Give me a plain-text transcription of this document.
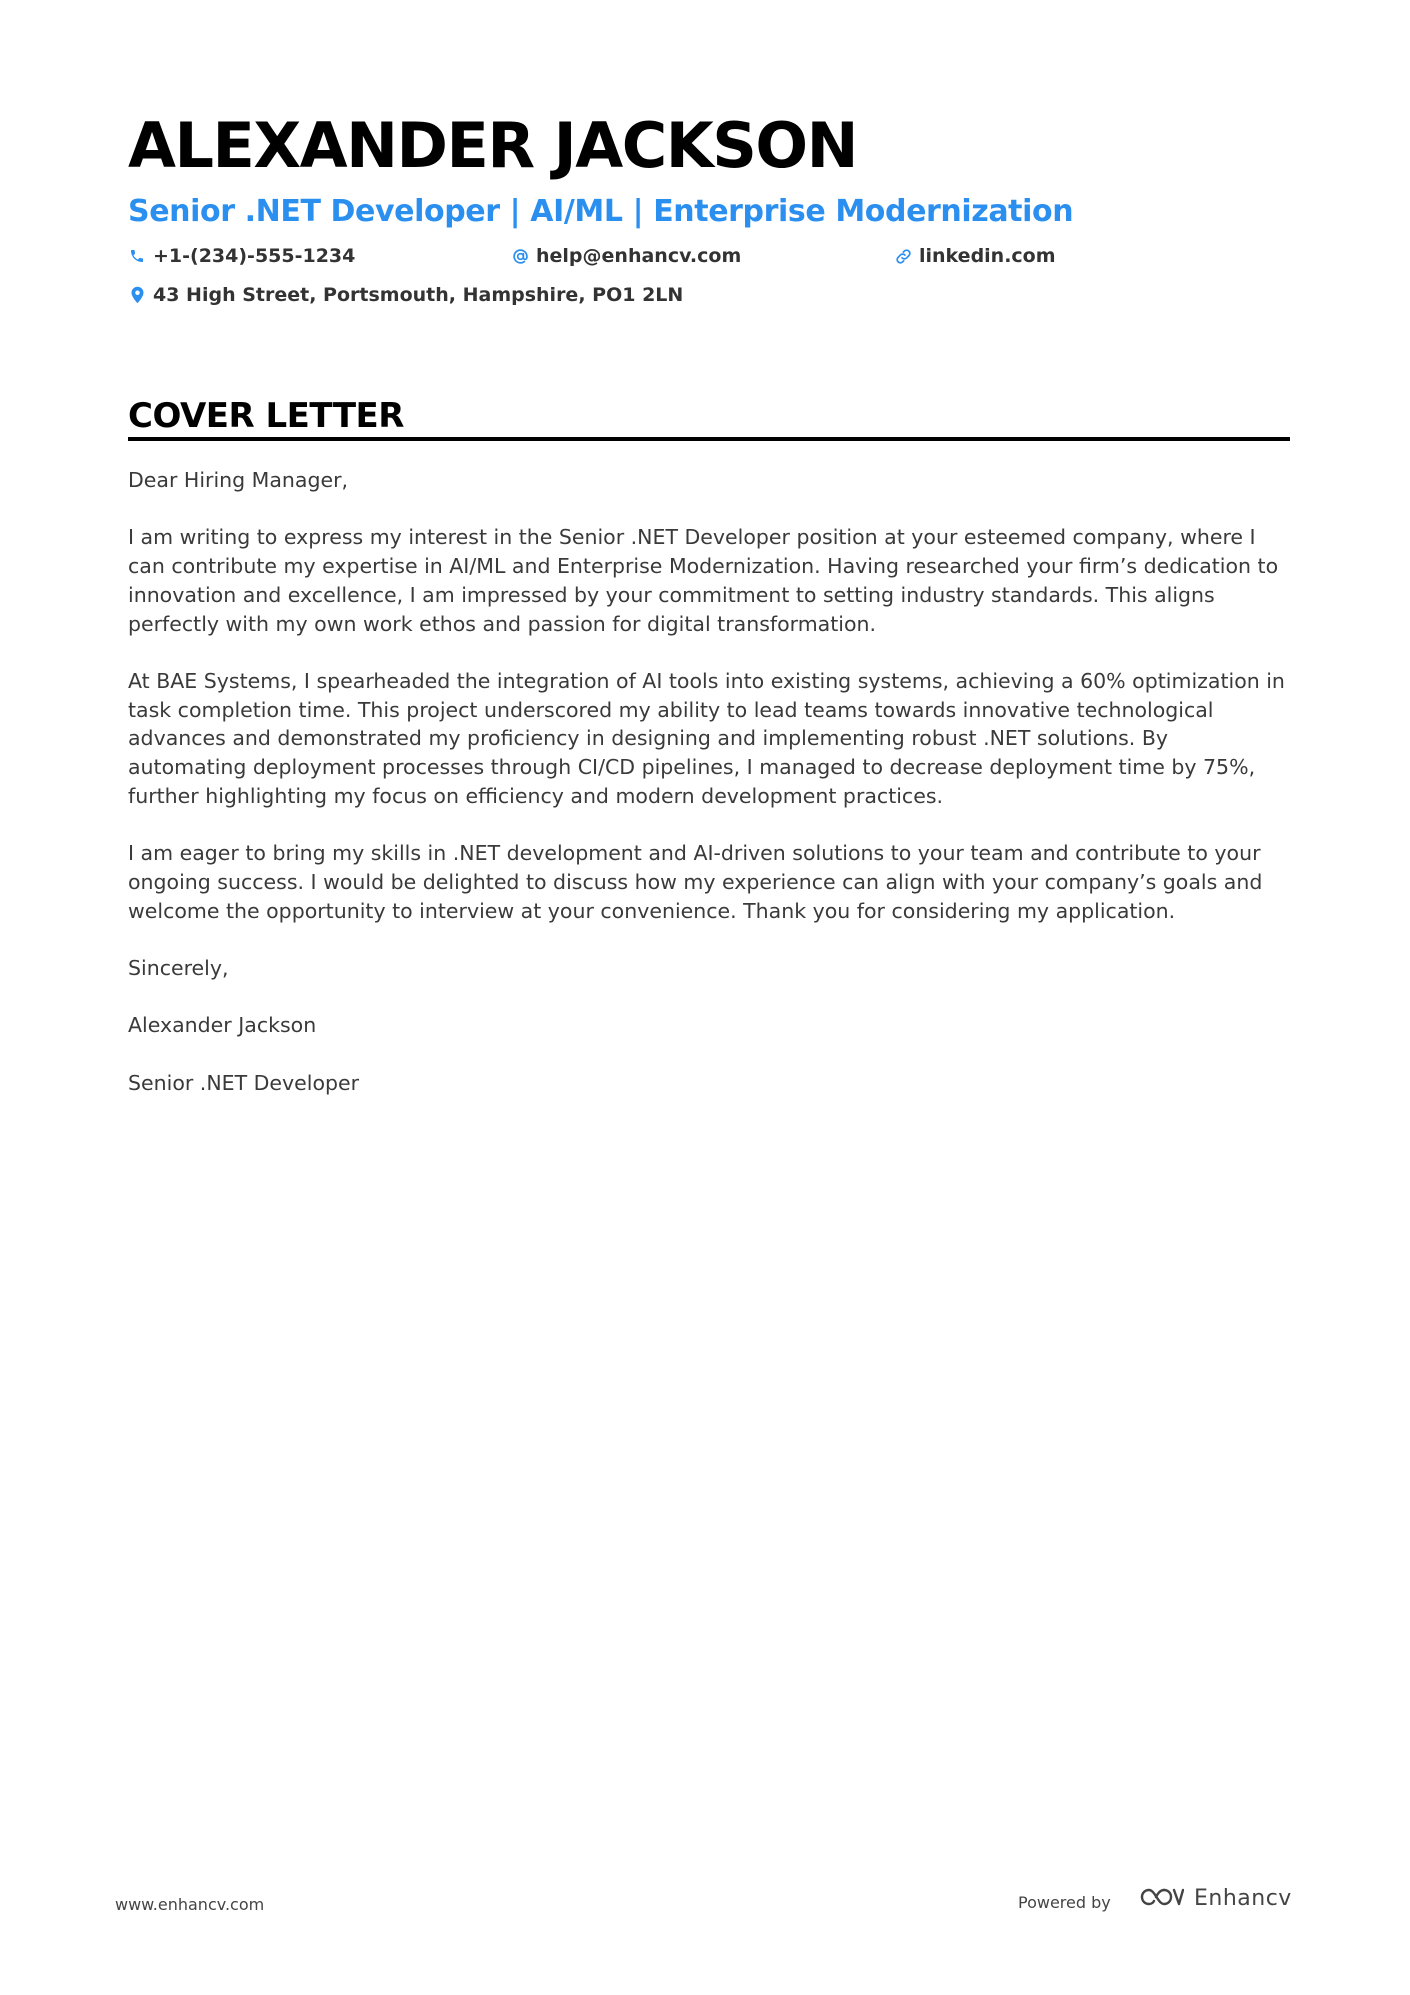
ALEXANDER JACKSON
Senior .NET Developer | AI/ML | Enterprise Modernization
+1-(234)-555-1234	help@enhancv.com	linkedin.com
43 High Street, Portsmouth, Hampshire, PO1 2LN
COVER LETTER

Dear Hiring Manager,

I am writing to express my interest in the Senior .NET Developer position at your esteemed company, where I can contribute my expertise in AI/ML and Enterprise Modernization. Having researched your firm’s dedication to innovation and excellence, I am impressed by your commitment to setting industry standards. This aligns perfectly with my own work ethos and passion for digital transformation.

At BAE Systems, I spearheaded the integration of AI tools into existing systems, achieving a 60% optimization in task completion time. This project underscored my ability to lead teams towards innovative technological advances and demonstrated my proficiency in designing and implementing robust .NET solutions. By automating deployment processes through CI/CD pipelines, I managed to decrease deployment time by 75%, further highlighting my focus on efficiency and modern development practices.

I am eager to bring my skills in .NET development and AI-driven solutions to your team and contribute to your ongoing success. I would be delighted to discuss how my experience can align with your company’s goals and welcome the opportunity to interview at your convenience. Thank you for considering my application.

Sincerely,

Alexander Jackson

Senior .NET Developer

www.enhancv.com	Powered by	Enhancv
